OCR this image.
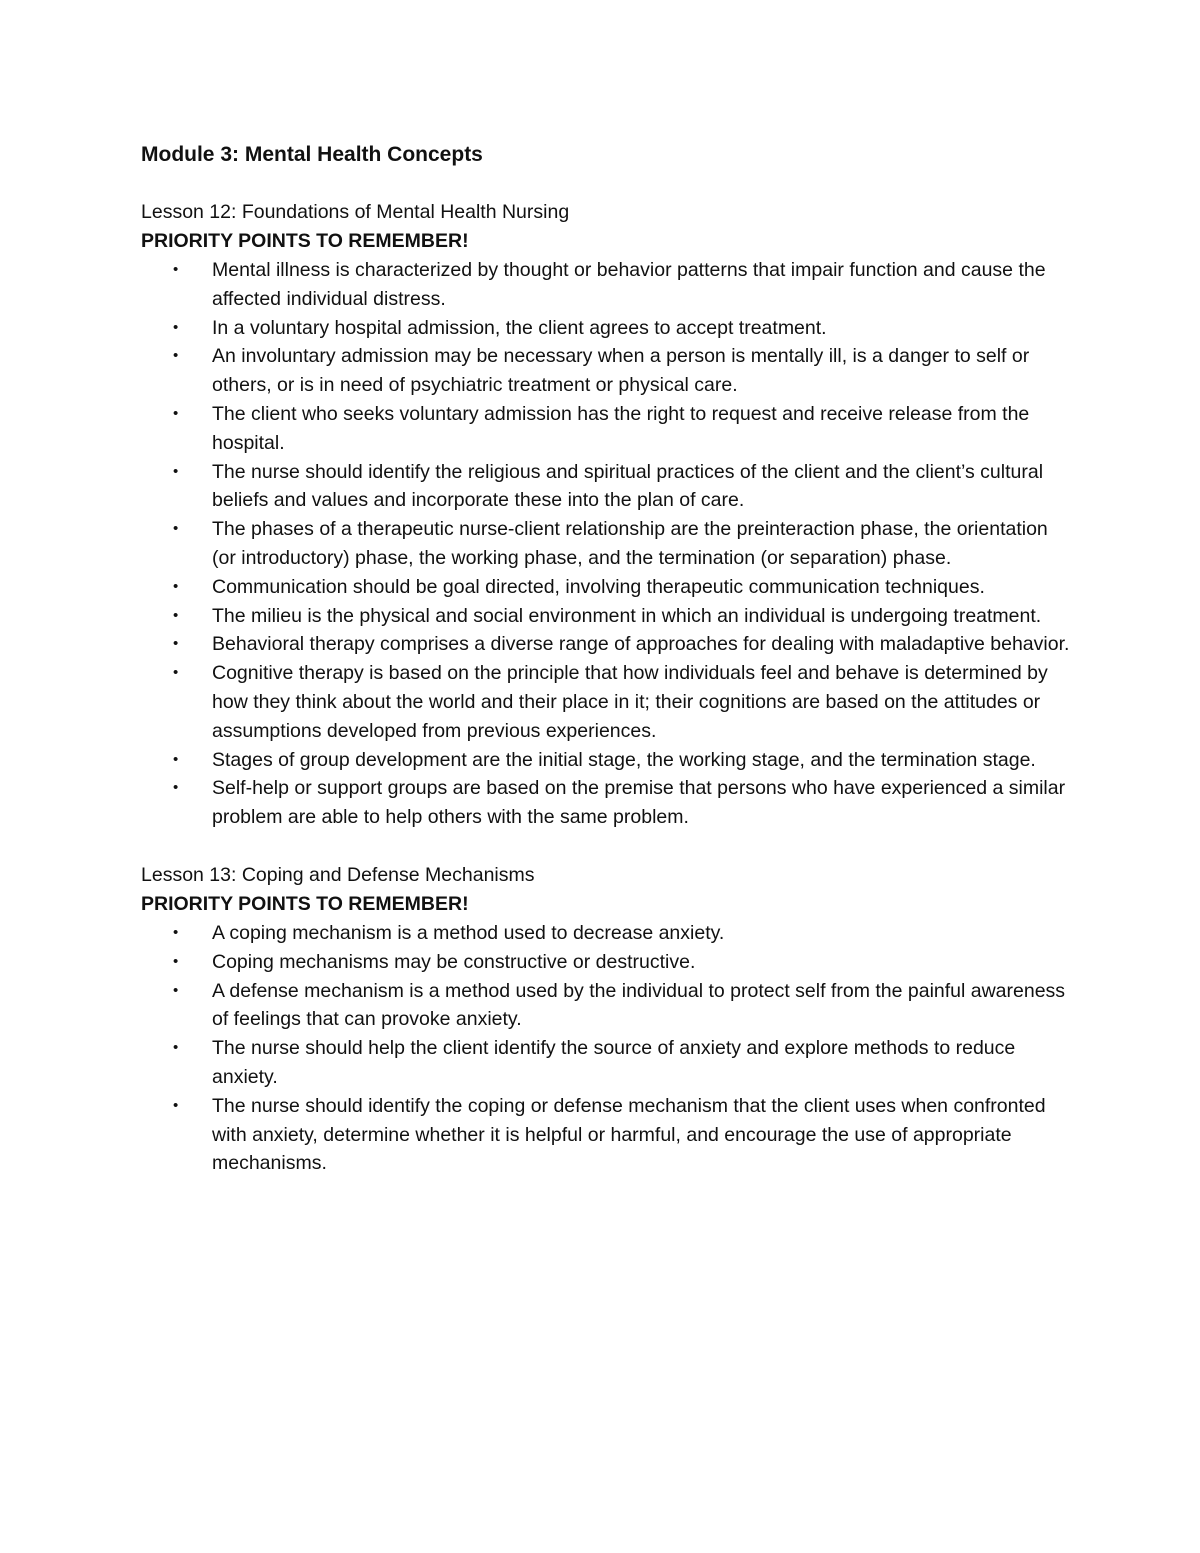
Module 3: Mental Health Concepts
Lesson 12: Foundations of Mental Health Nursing
PRIORITY POINTS TO REMEMBER!
• Mental illness is characterized by thought or behavior patterns that impair function and cause the affected individual distress.
• In a voluntary hospital admission, the client agrees to accept treatment.
• An involuntary admission may be necessary when a person is mentally ill, is a danger to self or others, or is in need of psychiatric treatment or physical care.
• The client who seeks voluntary admission has the right to request and receive release from the hospital.
• The nurse should identify the religious and spiritual practices of the client and the client’s cultural beliefs and values and incorporate these into the plan of care.
• The phases of a therapeutic nurse-client relationship are the preinteraction phase, the orientation (or introductory) phase, the working phase, and the termination (or separation) phase.
• Communication should be goal directed, involving therapeutic communication techniques.
• The milieu is the physical and social environment in which an individual is undergoing treatment.
• Behavioral therapy comprises a diverse range of approaches for dealing with maladaptive behavior.
• Cognitive therapy is based on the principle that how individuals feel and behave is determined by how they think about the world and their place in it; their cognitions are based on the attitudes or assumptions developed from previous experiences.
• Stages of group development are the initial stage, the working stage, and the termination stage.
• Self-help or support groups are based on the premise that persons who have experienced a similar problem are able to help others with the same problem.
Lesson 13: Coping and Defense Mechanisms
PRIORITY POINTS TO REMEMBER!
• A coping mechanism is a method used to decrease anxiety.
• Coping mechanisms may be constructive or destructive.
• A defense mechanism is a method used by the individual to protect self from the painful awareness of feelings that can provoke anxiety.
• The nurse should help the client identify the source of anxiety and explore methods to reduce anxiety.
• The nurse should identify the coping or defense mechanism that the client uses when confronted with anxiety, determine whether it is helpful or harmful, and encourage the use of appropriate mechanisms.
